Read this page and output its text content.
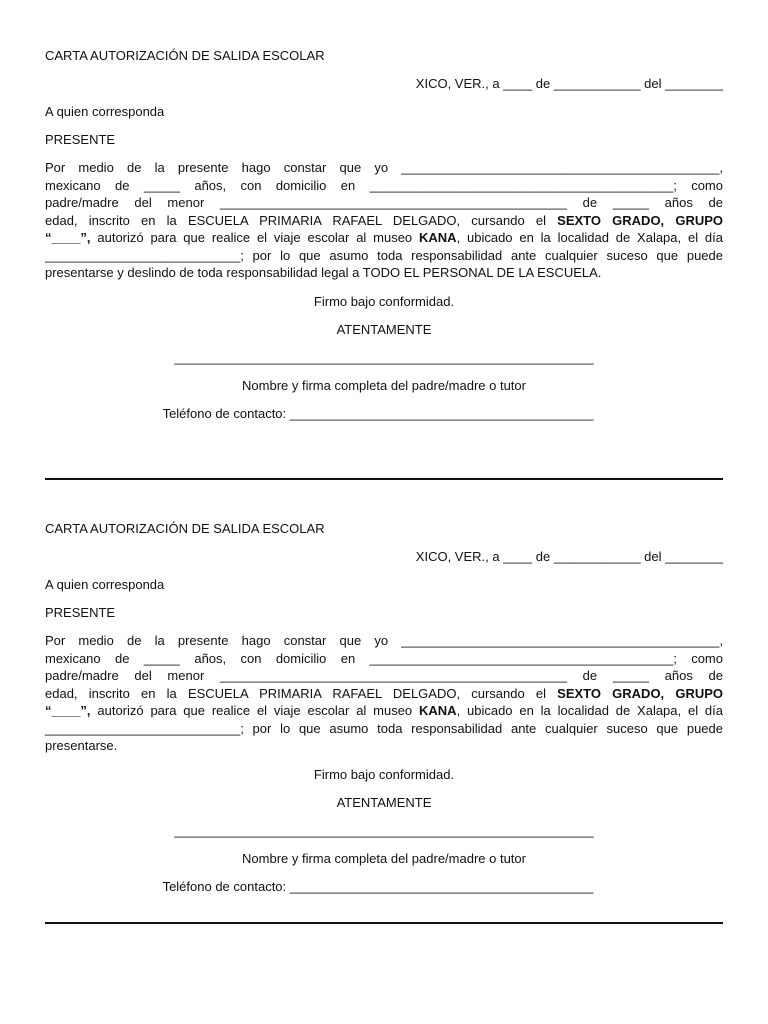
CARTA AUTORIZACIÓN DE SALIDA ESCOLAR
XICO, VER., a ____ de ____________ del ________
A quien corresponda
PRESENTE
Por medio de la presente hago constar que yo ____________________________________________,
mexicano de _____ años, con domicilio en __________________________________________; como
padre/madre del menor ________________________________________________ de _____ años de
edad, inscrito en la ESCUELA PRIMARIA RAFAEL DELGADO, cursando el SEXTO GRADO, GRUPO
“____”, autorizó para que realice el viaje escolar al museo KANA, ubicado en la localidad de Xalapa, el día
___________________________; por lo que asumo toda responsabilidad ante cualquier suceso que puede
presentarse y deslindo de toda responsabilidad legal a TODO EL PERSONAL DE LA ESCUELA.
Firmo bajo conformidad.
ATENTAMENTE
__________________________________________________________
Nombre y firma completa del padre/madre o tutor
Teléfono de contacto: __________________________________________
CARTA AUTORIZACIÓN DE SALIDA ESCOLAR
XICO, VER., a ____ de ____________ del ________
A quien corresponda
PRESENTE
Por medio de la presente hago constar que yo ____________________________________________,
mexicano de _____ años, con domicilio en __________________________________________; como
padre/madre del menor ________________________________________________ de _____ años de
edad, inscrito en la ESCUELA PRIMARIA RAFAEL DELGADO, cursando el SEXTO GRADO, GRUPO
“____”, autorizó para que realice el viaje escolar al museo KANA, ubicado en la localidad de Xalapa, el día
___________________________; por lo que asumo toda responsabilidad ante cualquier suceso que puede
presentarse.
Firmo bajo conformidad.
ATENTAMENTE
__________________________________________________________
Nombre y firma completa del padre/madre o tutor
Teléfono de contacto: __________________________________________
